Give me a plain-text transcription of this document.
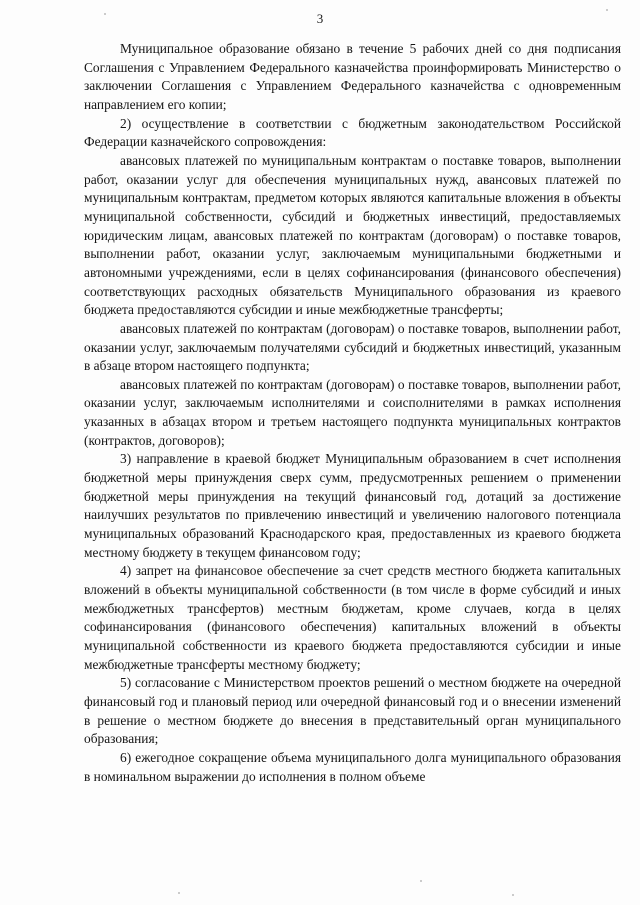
3

Муниципальное образование обязано в течение 5 рабочих дней со дня подписания Соглашения с Управлением Федерального казначейства проинформировать Министерство о заключении Соглашения с Управлением Федерального казначейства с одновременным направлением его копии;

2) осуществление в соответствии с бюджетным законодательством Российской Федерации казначейского сопровождения:

авансовых платежей по муниципальным контрактам о поставке товаров, выполнении работ, оказании услуг для обеспечения муниципальных нужд, авансовых платежей по муниципальным контрактам, предметом которых являются капитальные вложения в объекты муниципальной собственности, субсидий и бюджетных инвестиций, предоставляемых юридическим лицам, авансовых платежей по контрактам (договорам) о поставке товаров, выполнении работ, оказании услуг, заключаемым муниципальными бюджетными и автономными учреждениями, если в целях софинансирования (финансового обеспечения) соответствующих расходных обязательств Муниципального образования из краевого бюджета предоставляются субсидии и иные межбюджетные трансферты;

авансовых платежей по контрактам (договорам) о поставке товаров, выполнении работ, оказании услуг, заключаемым получателями субсидий и бюджетных инвестиций, указанным в абзаце втором настоящего подпункта;

авансовых платежей по контрактам (договорам) о поставке товаров, выполнении работ, оказании услуг, заключаемым исполнителями и соисполнителями в рамках исполнения указанных в абзацах втором и третьем настоящего подпункта муниципальных контрактов (контрактов, договоров);

3) направление в краевой бюджет Муниципальным образованием в счет исполнения бюджетной меры принуждения сверх сумм, предусмотренных решением о применении бюджетной меры принуждения на текущий финансовый год, дотаций за достижение наилучших результатов по привлечению инвестиций и увеличению налогового потенциала муниципальных образований Краснодарского края, предоставленных из краевого бюджета местному бюджету в текущем финансовом году;

4) запрет на финансовое обеспечение за счет средств местного бюджета капитальных вложений в объекты муниципальной собственности (в том числе в форме субсидий и иных межбюджетных трансфертов) местным бюджетам, кроме случаев, когда в целях софинансирования (финансового обеспечения) капитальных вложений в объекты муниципальной собственности из краевого бюджета предоставляются субсидии и иные межбюджетные трансферты местному бюджету;

5) согласование с Министерством проектов решений о местном бюджете на очередной финансовый год и плановый период или очередной финансовый год и о внесении изменений в решение о местном бюджете до внесения в представительный орган муниципального образования;

6) ежегодное сокращение объема муниципального долга муниципального образования в номинальном выражении до исполнения в полном объеме
